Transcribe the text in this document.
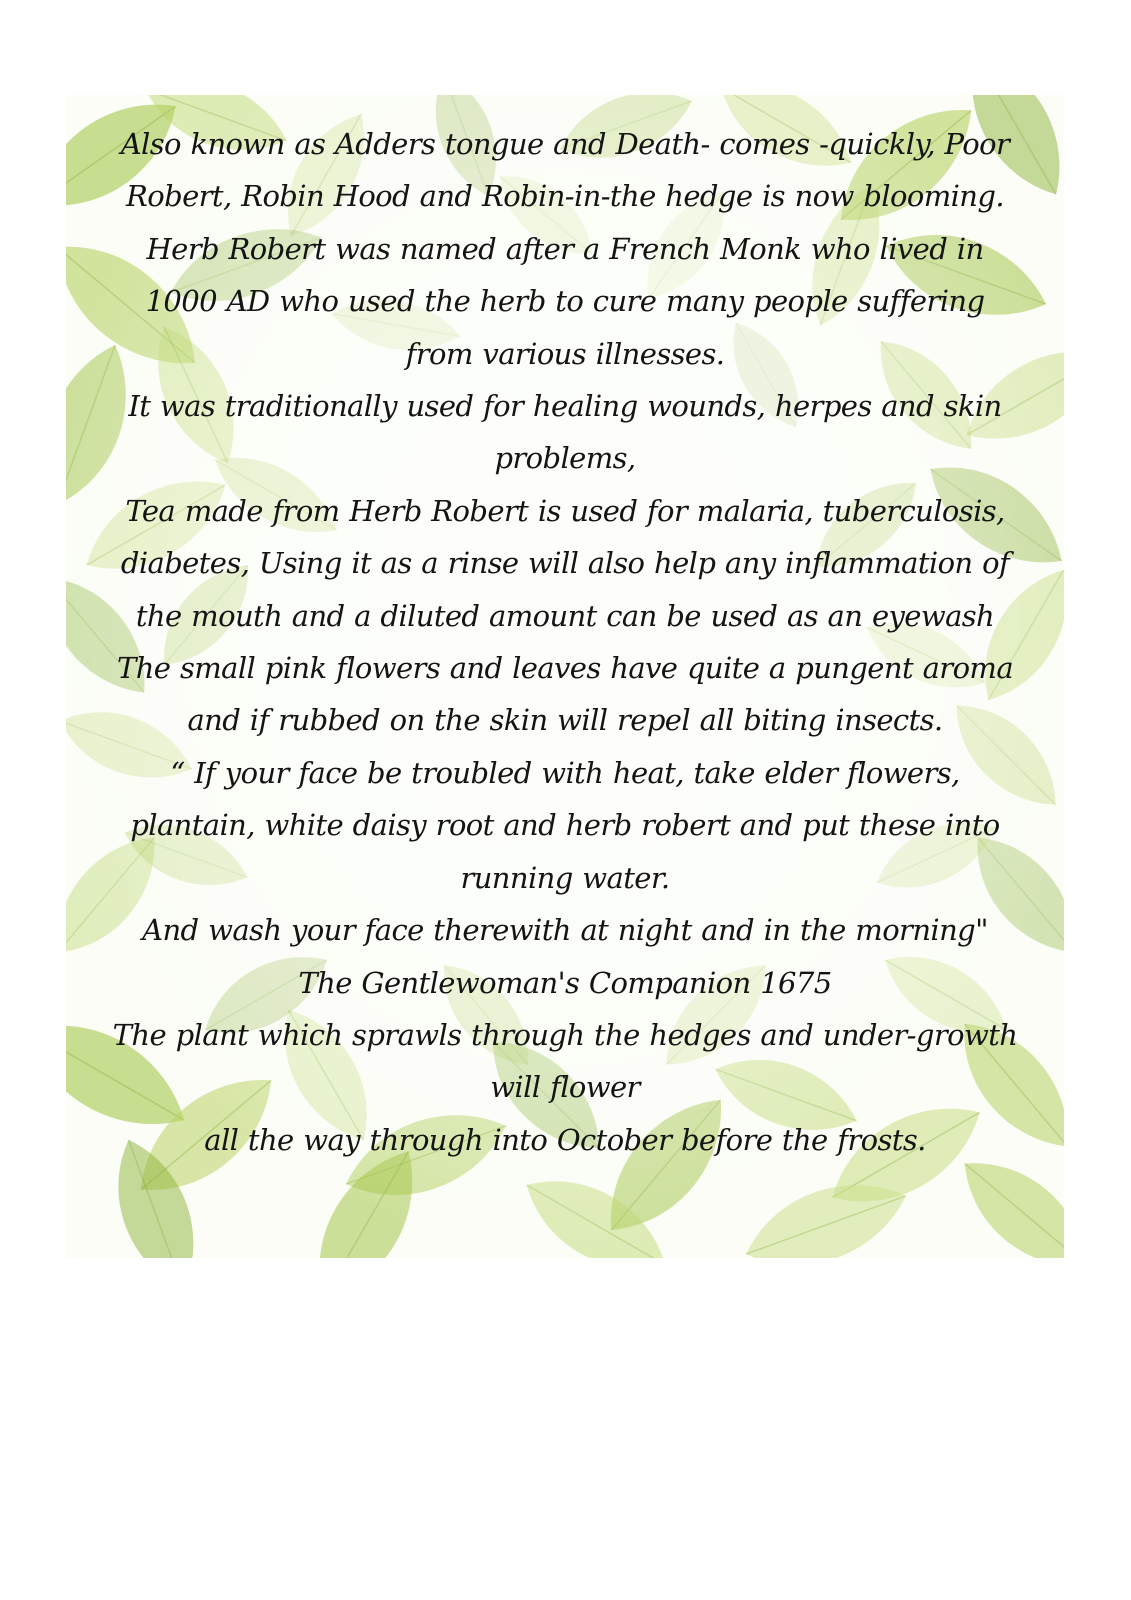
Also known as Adders tongue and Death- comes -quickly, Poor Robert, Robin Hood and Robin-in-the hedge is now blooming. Herb Robert was named after a French Monk who lived in 1000 AD who used the herb to cure many people suffering from various illnesses.

It was traditionally used for healing wounds, herpes and skin problems,

Tea made from Herb Robert is used for malaria, tuberculosis, diabetes, Using it as a rinse will also help any inflammation of the mouth and a diluted amount can be used as an eyewash The small pink flowers and leaves have quite a pungent aroma and if rubbed on the skin will repel all biting insects.

“ If your face be troubled with heat, take elder flowers, plantain, white daisy root and herb robert and put these into running water.

And wash your face therewith at night and in the morning"

The Gentlewoman's Companion 1675

The plant which sprawls through the hedges and under-growth will flower

all the way through into October before the frosts.
